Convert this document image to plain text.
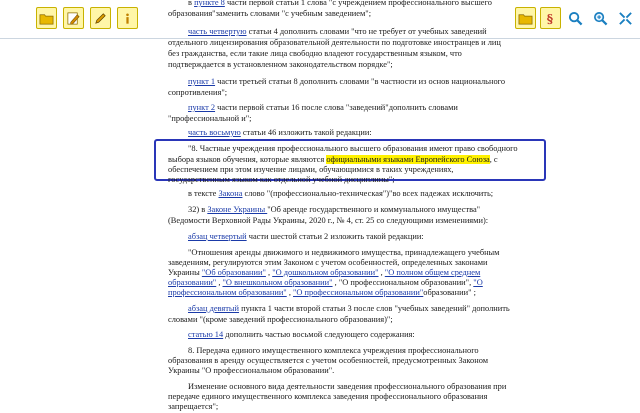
§

в пункте 8 части первой статьи 1 слова "с учреждением профессионального высшего

образования"заменить словами "с учебным заведением";

часть четвертую статьи 4 дополнить словами "что не требует от учебных заведений

отдельного лицензирования образовательной деятельности по подготовке иностранцев и лиц

без гражданства, если такие лица свободно владеют государственным языком, что

подтверждается в установленном законодательством порядке";

пункт 1 части третьей статьи 8 дополнить словами "в частности из основ национального

сопротивления";

пункт 2 части первой статьи 16 после слова "заведений"дополнить словами

"профессиональной и";

часть восьмую статьи 46 изложить такой редакции:

"8. Частные учреждения профессионального высшего образования имеют право свободного

выбора языков обучения, которые являются официальными языками Европейского Союза, с

обеспечением при этом изучение лицами, обучающимися в таких учреждениях,

государственным языком как отдельной учебной дисциплины";

в тексте Закона слово "(профессионально-техническая")"во всех падежах исключить;

32) в Законе Украины "Об аренде государственного и коммунального имущества"

(Ведомости Верховной Рады Украины, 2020 г., № 4, ст. 25 со следующими изменениями):

абзац четвертый части шестой статьи 2 изложить такой редакции:

"Отношения аренды движимого и недвижимого имущества, принадлежащего учебным

заведениям, регулируются этим Законом с учетом особенностей, определенных законами

Украины "Об образовании" , "О дошкольном образовании" , "О полном общем среднем

образовании" , "О внешкольном образовании" , "О профессиональном образовании", "О

профессиональном образовании" , "О профессиональном образовании"образовании" ;

абзац девятый пункта 1 части второй статьи 3 после слов "учебных заведений" дополнить

словами "(кроме заведений профессионального образования)";

статью 14 дополнить частью восьмой следующего содержания:

8. Передача единого имущественного комплекса учреждения профессионального

образования в аренду осуществляется с учетом особенностей, предусмотренных Законом

Украины "О профессиональном образовании".

Изменение основного вида деятельности заведения профессионального образования при

передаче единого имущественного комплекса заведения профессионального образования

запрещается";
